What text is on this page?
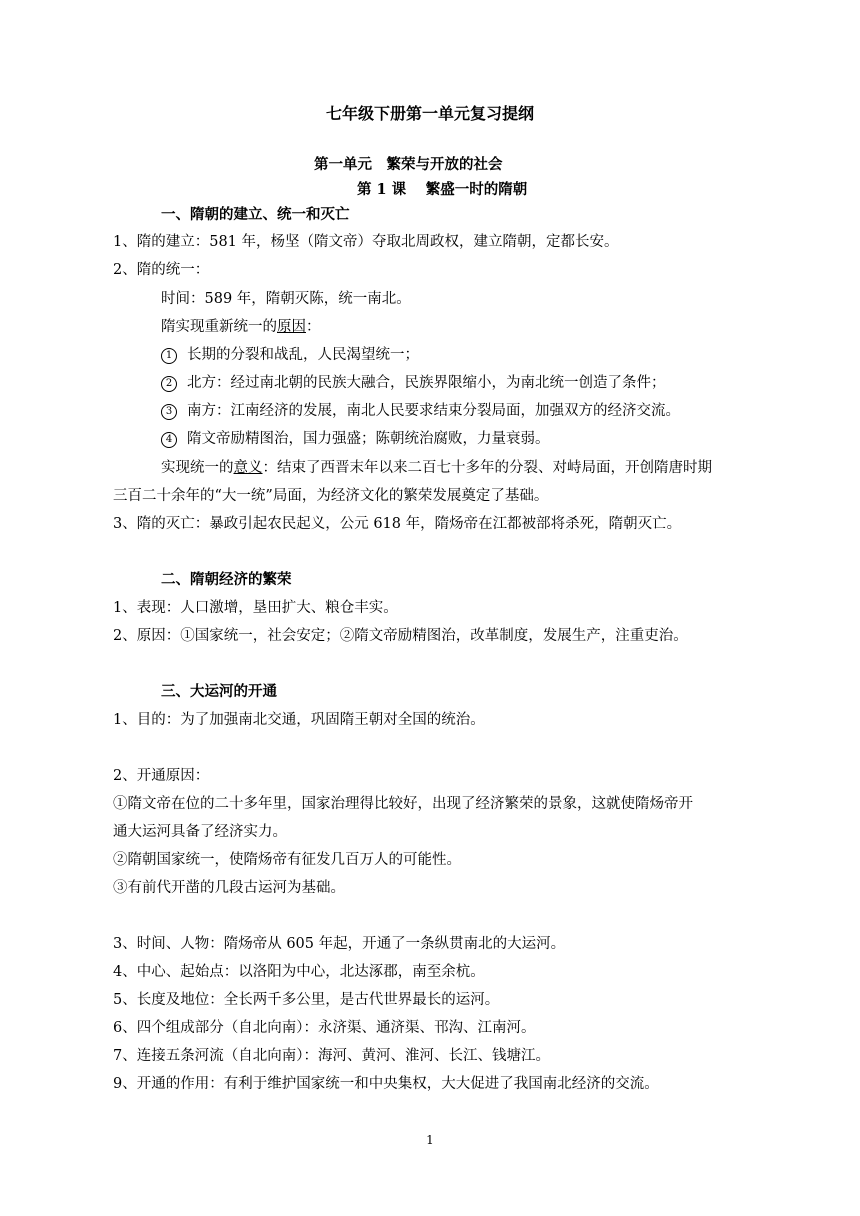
七年级下册第一单元复习提纲
第一单元　繁荣与开放的社会
第 1 课　 繁盛一时的隋朝
一、隋朝的建立、统一和灭亡
1、隋的建立：581 年，杨坚（隋文帝）夺取北周政权，建立隋朝，定都长安。
2、隋的统一：
时间：589 年，隋朝灭陈，统一南北。
隋实现重新统一的原因：
1 长期的分裂和战乱，人民渴望统一；
2 北方：经过南北朝的民族大融合，民族界限缩小，为南北统一创造了条件；
3 南方：江南经济的发展，南北人民要求结束分裂局面，加强双方的经济交流。
4 隋文帝励精图治，国力强盛；陈朝统治腐败，力量衰弱。
实现统一的意义：结束了西晋末年以来二百七十多年的分裂、对峙局面，开创隋唐时期
三百二十余年的“大一统”局面，为经济文化的繁荣发展奠定了基础。
3、隋的灭亡：暴政引起农民起义，公元 618 年，隋炀帝在江都被部将杀死，隋朝灭亡。
二、隋朝经济的繁荣
1、表现：人口激增，垦田扩大、粮仓丰实。
2、原因：①国家统一，社会安定；②隋文帝励精图治，改革制度，发展生产，注重吏治。
三、大运河的开通
1、目的：为了加强南北交通，巩固隋王朝对全国的统治。
2、开通原因：
①隋文帝在位的二十多年里，国家治理得比较好，出现了经济繁荣的景象，这就使隋炀帝开
通大运河具备了经济实力。
②隋朝国家统一，使隋炀帝有征发几百万人的可能性。
③有前代开凿的几段古运河为基础。
3、时间、人物：隋炀帝从 605 年起，开通了一条纵贯南北的大运河。
4、中心、起始点：以洛阳为中心，北达涿郡，南至余杭。
5、长度及地位：全长两千多公里，是古代世界最长的运河。
6、四个组成部分（自北向南）：永济渠、通济渠、邗沟、江南河。
7、连接五条河流（自北向南）：海河、黄河、淮河、长江、钱塘江。
9、开通的作用：有利于维护国家统一和中央集权，大大促进了我国南北经济的交流。
1
